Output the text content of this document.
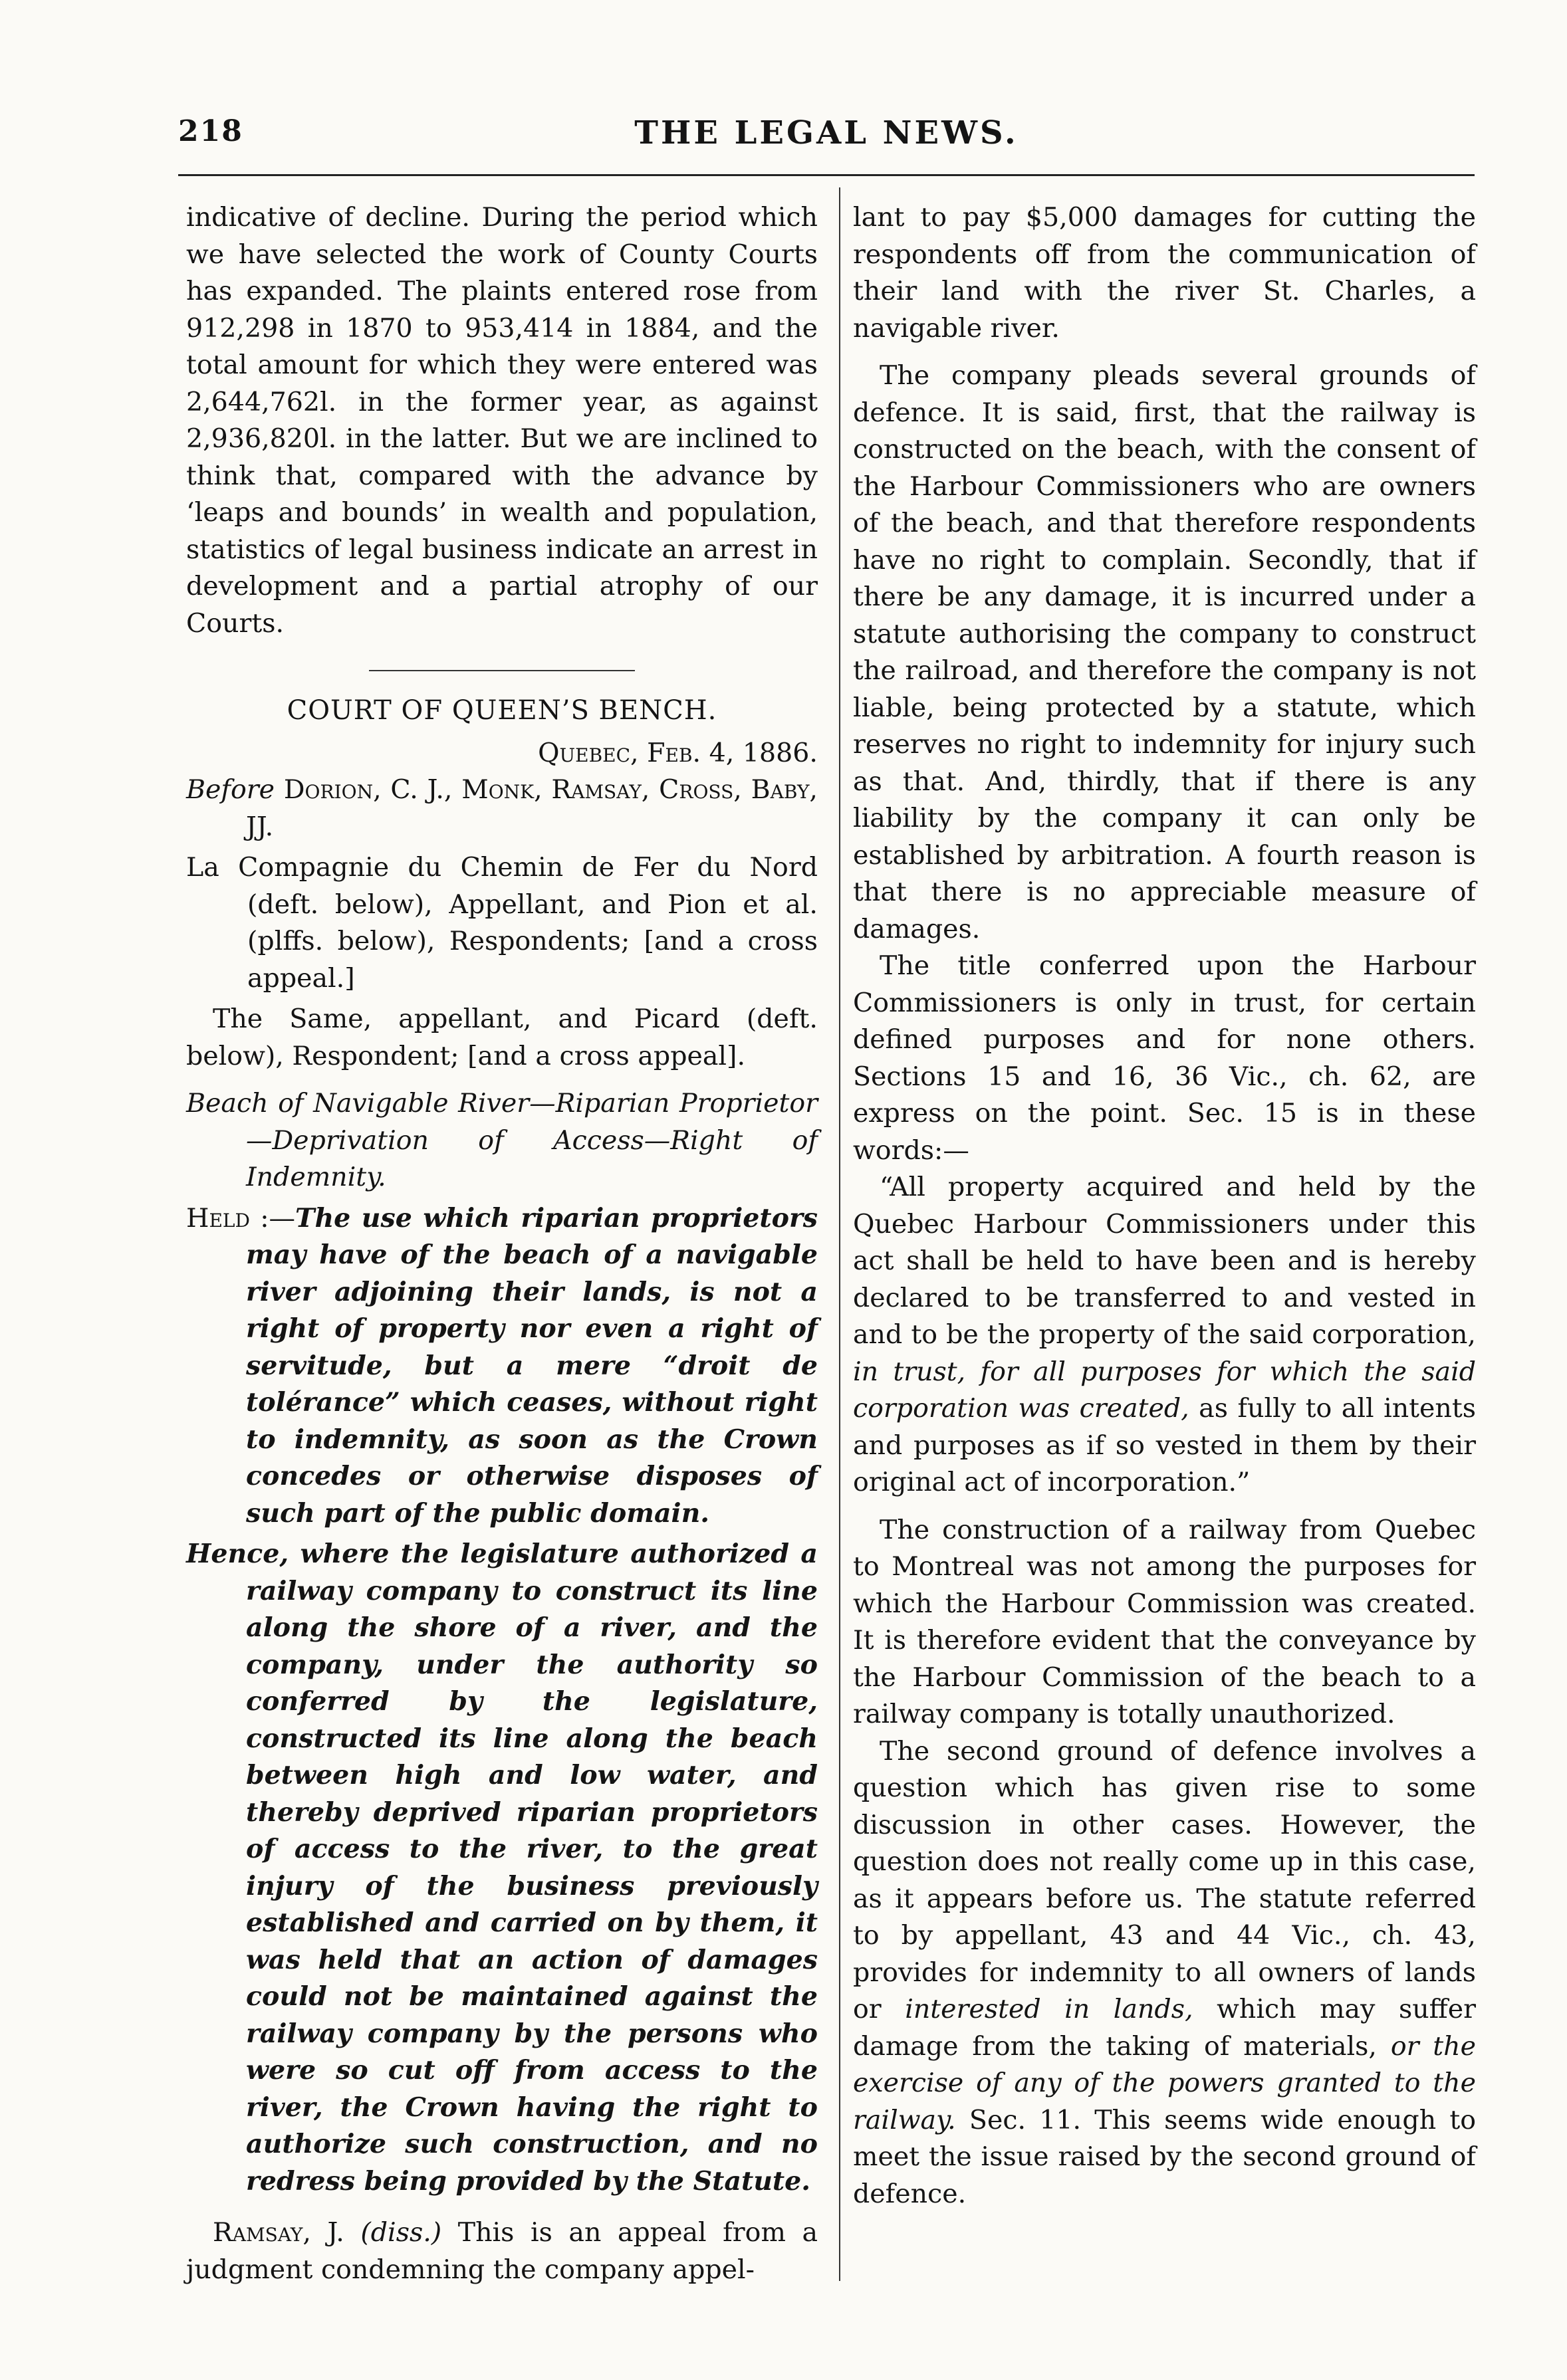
218	THE LEGAL NEWS.

indicative of decline. During the period which we have selected the work of County Courts has expanded. The plaints entered rose from 912,298 in 1870 to 953,414 in 1884, and the total amount for which they were entered was 2,644,762l. in the former year, as against 2,936,820l. in the latter. But we are inclined to think that, compared with the advance by ‘leaps and bounds’ in wealth and population, statistics of legal business indicate an arrest in development and a partial atrophy of our Courts.

COURT OF QUEEN’S BENCH.

Quebec, Feb. 4, 1886.

Before Dorion, C. J., Monk, Ramsay, Cross, Baby, JJ.

La Compagnie du Chemin de Fer du Nord (deft. below), Appellant, and Pion et al. (plffs. below), Respondents; [and a cross appeal.]

The Same, appellant, and Picard (deft. below), Respondent; [and a cross appeal].

Beach of Navigable River—Riparian Proprietor—Deprivation of Access—Right of Indemnity.

Held :—The use which riparian proprietors may have of the beach of a navigable river adjoining their lands, is not a right of property nor even a right of servitude, but a mere “droit de tolérance” which ceases, without right to indemnity, as soon as the Crown concedes or otherwise disposes of such part of the public domain.

Hence, where the legislature authorized a railway company to construct its line along the shore of a river, and the company, under the authority so conferred by the legislature, constructed its line along the beach between high and low water, and thereby deprived riparian proprietors of access to the river, to the great injury of the business previously established and carried on by them, it was held that an action of damages could not be maintained against the railway company by the persons who were so cut off from access to the river, the Crown having the right to authorize such construction, and no redress being provided by the Statute.

Ramsay, J. (diss.) This is an appeal from a judgment condemning the company appel-

lant to pay $5,000 damages for cutting the respondents off from the communication of their land with the river St. Charles, a navigable river.

The company pleads several grounds of defence. It is said, first, that the railway is constructed on the beach, with the consent of the Harbour Commissioners who are owners of the beach, and that therefore respondents have no right to complain. Secondly, that if there be any damage, it is incurred under a statute authorising the company to construct the railroad, and therefore the company is not liable, being protected by a statute, which reserves no right to indemnity for injury such as that. And, thirdly, that if there is any liability by the company it can only be established by arbitration. A fourth reason is that there is no appreciable measure of damages.

The title conferred upon the Harbour Commissioners is only in trust, for certain defined purposes and for none others. Sections 15 and 16, 36 Vic., ch. 62, are express on the point. Sec. 15 is in these words:—

“All property acquired and held by the Quebec Harbour Commissioners under this act shall be held to have been and is hereby declared to be transferred to and vested in and to be the property of the said corporation, in trust, for all purposes for which the said corporation was created, as fully to all intents and purposes as if so vested in them by their original act of incorporation.”

The construction of a railway from Quebec to Montreal was not among the purposes for which the Harbour Commission was created. It is therefore evident that the conveyance by the Harbour Commission of the beach to a railway company is totally unauthorized.

The second ground of defence involves a question which has given rise to some discussion in other cases. However, the question does not really come up in this case, as it appears before us. The statute referred to by appellant, 43 and 44 Vic., ch. 43, provides for indemnity to all owners of lands or interested in lands, which may suffer damage from the taking of materials, or the exercise of any of the powers granted to the railway. Sec. 11. This seems wide enough to meet the issue raised by the second ground of defence.
